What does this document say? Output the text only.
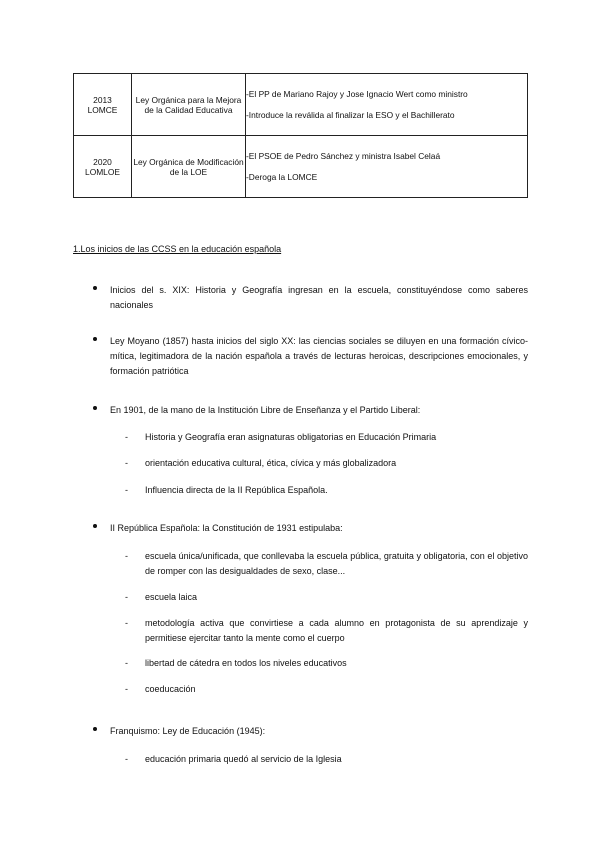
2013
LOMCE	Ley Orgánica para la Mejora de la Calidad Educativa	-El PP de Mariano Rajoy y Jose Ignacio Wert como ministro
-Introduce la reválida al finalizar la ESO y el Bachillerato

2020
LOMLOE	Ley Orgánica de Modificación de la LOE	-El PSOE de Pedro Sánchez y ministra Isabel Celaá
-Deroga la LOMCE
1.Los inicios de las CCSS en la educación española
Inicios del s. XIX: Historia y Geografía ingresan en la escuela, constituyéndose como saberes nacionales
Ley Moyano (1857) hasta inicios del siglo XX: las ciencias sociales se diluyen en una formación cívico-mítica, legitimadora de la nación española a través de lecturas heroicas, descripciones emocionales, y formación patriótica
En 1901, de la mano de la Institución Libre de Enseñanza y el Partido Liberal:
- Historia y Geografía eran asignaturas obligatorias en Educación Primaria
- orientación educativa cultural, ética, cívica y más globalizadora
- Influencia directa de la II República Española.
II República Española: la Constitución de 1931 estipulaba:
- escuela única/unificada, que conllevaba la escuela pública, gratuita y obligatoria, con el objetivo de romper con las desigualdades de sexo, clase...
- escuela laica
- metodología activa que convirtiese a cada alumno en protagonista de su aprendizaje y permitiese ejercitar tanto la mente como el cuerpo
- libertad de cátedra en todos los niveles educativos
- coeducación
Franquismo: Ley de Educación (1945):
- educación primaria quedó al servicio de la Iglesia
